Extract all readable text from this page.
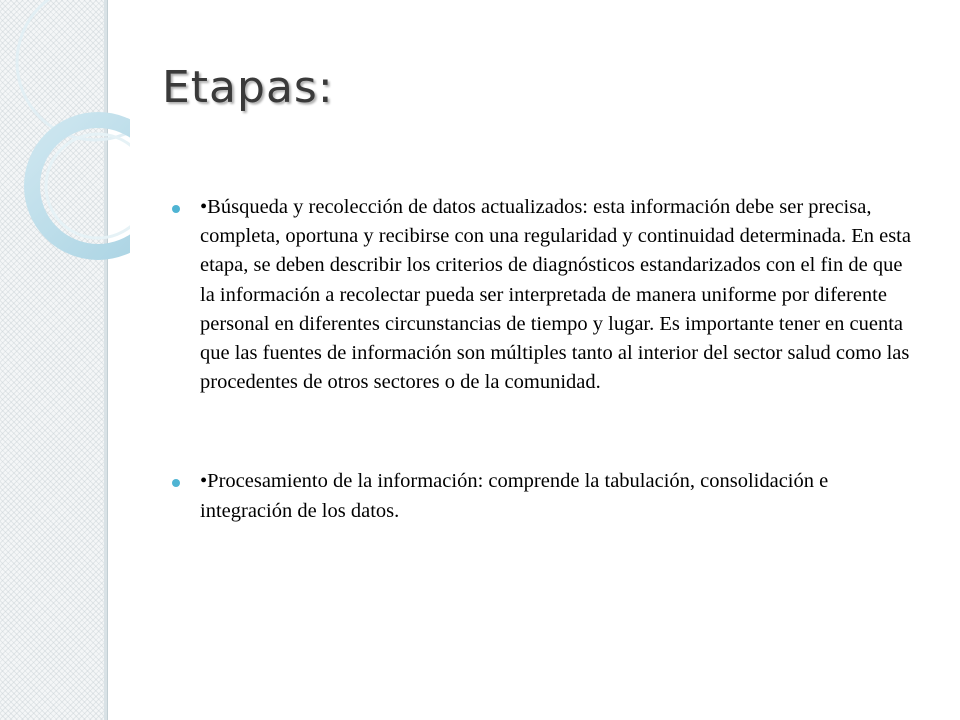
Etapas:
•Búsqueda y recolección de datos actualizados: esta información debe ser precisa, completa, oportuna y recibirse con una regularidad y continuidad determinada. En esta etapa, se deben describir los criterios de diagnósticos estandarizados con el fin de que la información a recolectar pueda ser interpretada de manera uniforme por diferente personal en diferentes circunstancias de tiempo y lugar. Es importante tener en cuenta que las fuentes de información son múltiples tanto al interior del sector salud como las procedentes de otros sectores o de la comunidad.
•Procesamiento de la información: comprende la tabulación, consolidación e integración de los datos.
